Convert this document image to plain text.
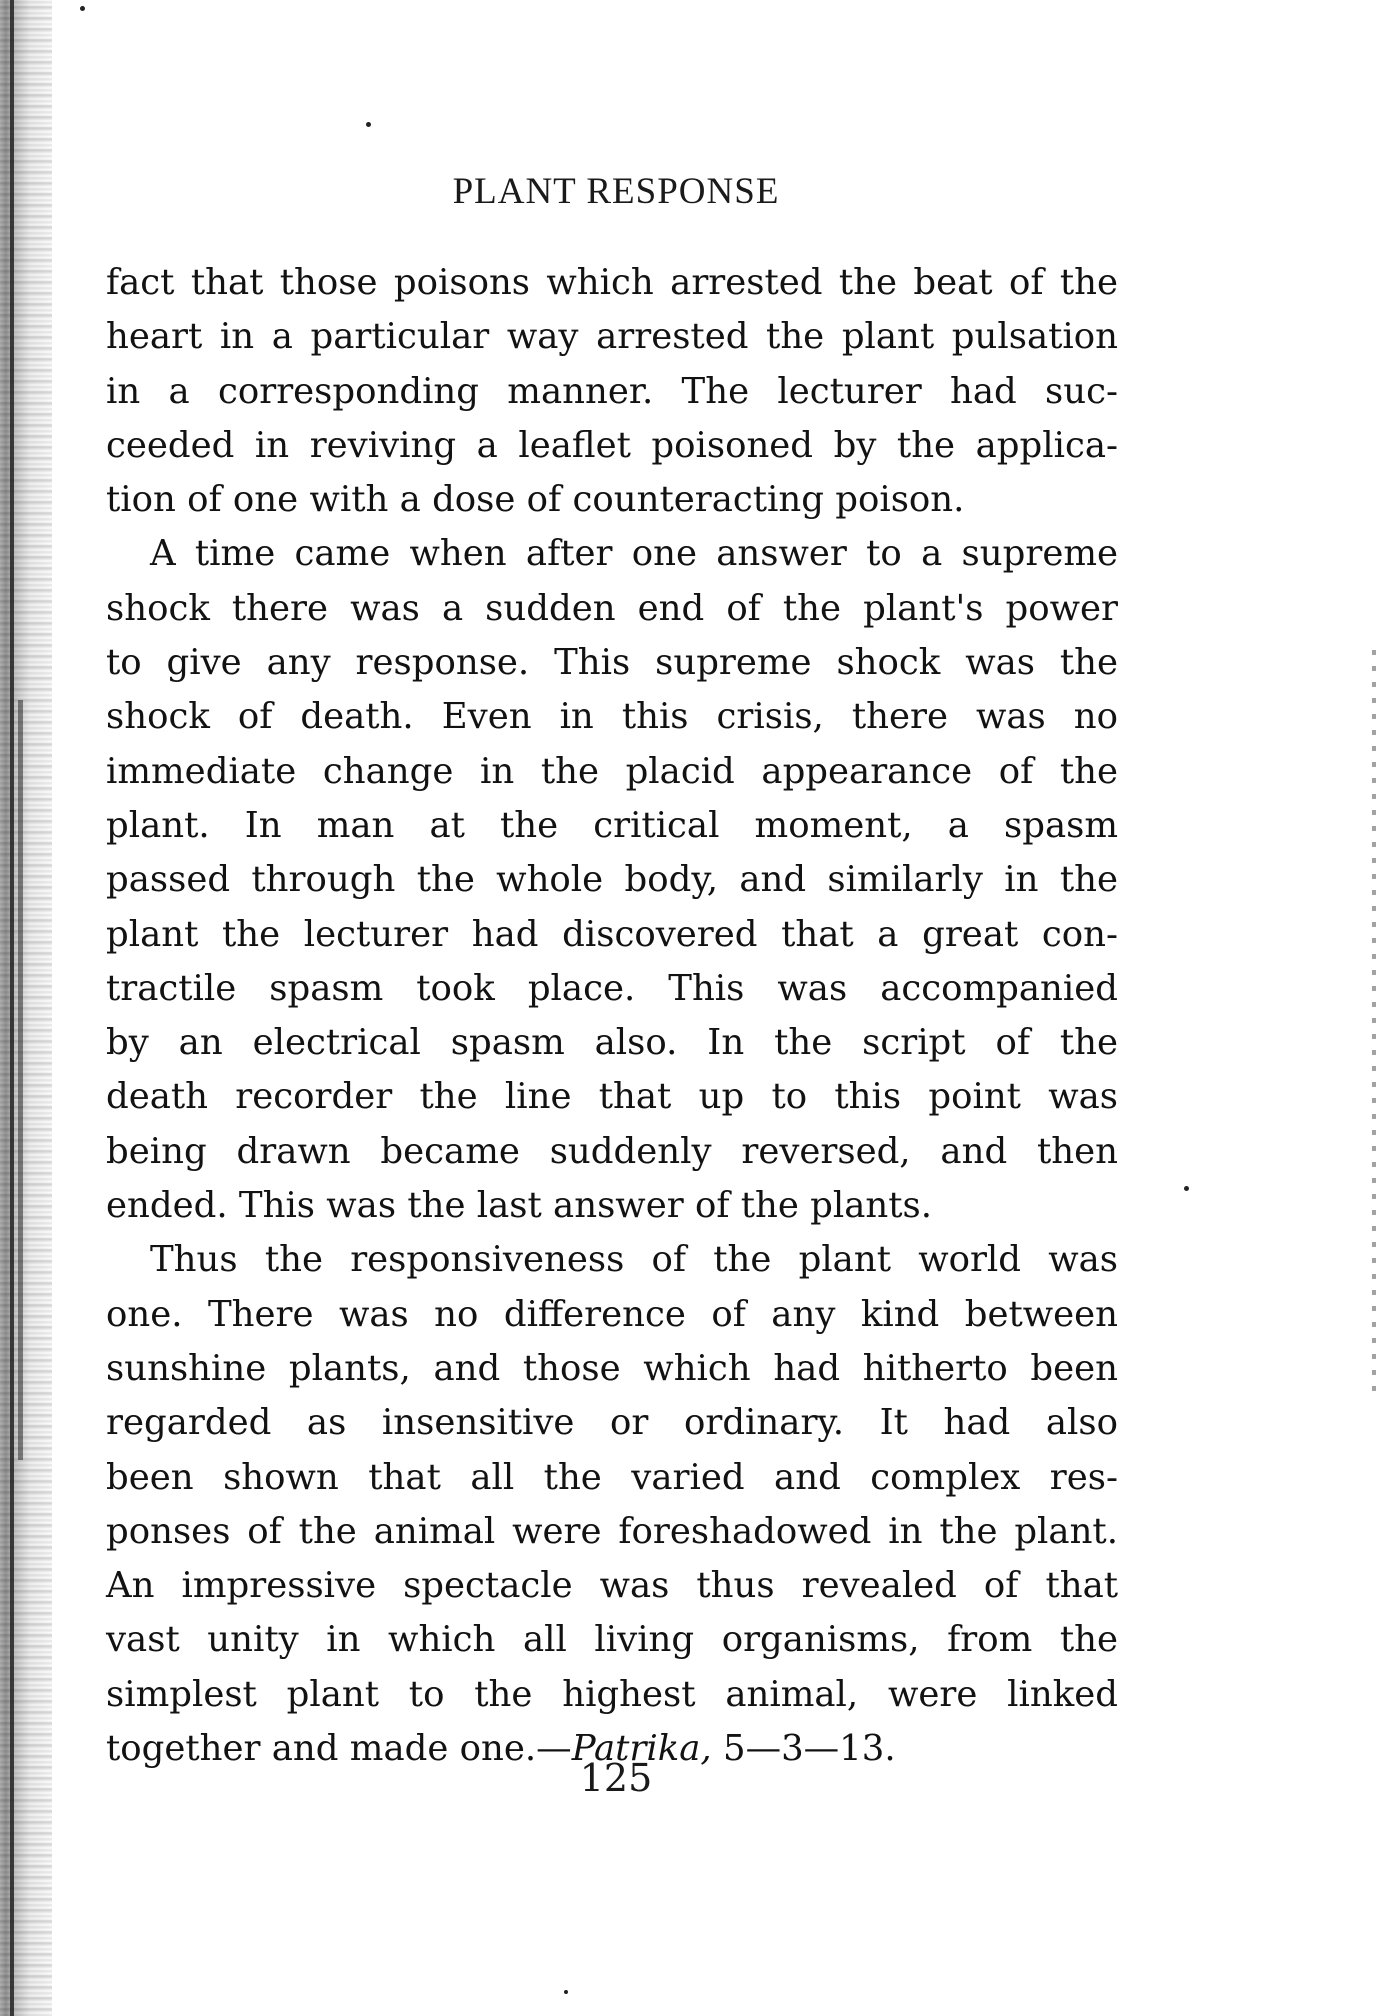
PLANT RESPONSE
fact that those poisons which arrested the beat of the
heart in a particular way arrested the plant pulsation
in a corresponding manner. The lecturer had suc-
ceeded in reviving a leaflet poisoned by the applica-
tion of one with a dose of counteracting poison.
A time came when after one answer to a supreme
shock there was a sudden end of the plant's power
to give any response. This supreme shock was the
shock of death. Even in this crisis, there was no
immediate change in the placid appearance of the
plant. In man at the critical moment, a spasm
passed through the whole body, and similarly in the
plant the lecturer had discovered that a great con-
tractile spasm took place. This was accompanied
by an electrical spasm also. In the script of the
death recorder the line that up to this point was
being drawn became suddenly reversed, and then
ended. This was the last answer of the plants.
Thus the responsiveness of the plant world was
one. There was no difference of any kind between
sunshine plants, and those which had hitherto been
regarded as insensitive or ordinary. It had also
been shown that all the varied and complex res-
ponses of the animal were foreshadowed in the plant.
An impressive spectacle was thus revealed of that
vast unity in which all living organisms, from the
simplest plant to the highest animal, were linked
together and made one.—Patrika, 5—3—13.
125
